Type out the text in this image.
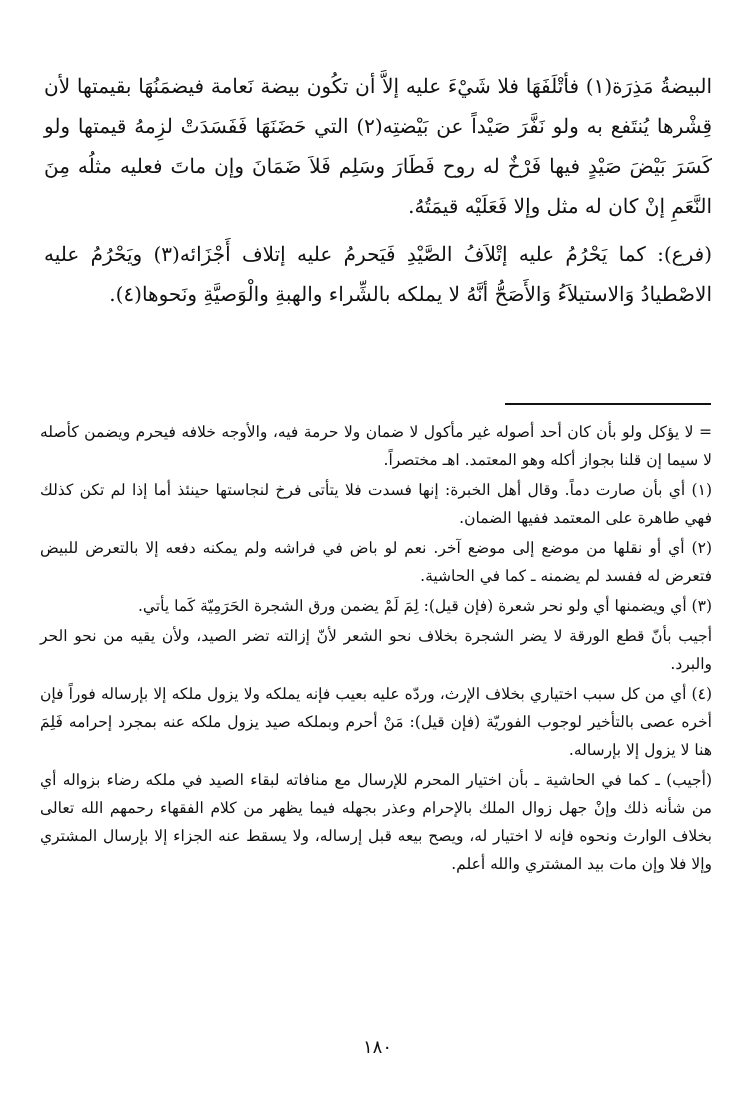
البيضةُ مَذِرَة(١) فأتْلَفَهَا فلا شَيْءَ عليه إلاَّ أن تكُون بيضة نَعامة فيضمَنُهَا بقيمتها لأن قِشْرها يُنتَفع به ولو نَفَّرَ صَيْداً عن بَيْضتِه(٢) التي حَضَنَهَا فَفَسَدَتْ لزِمهُ قيمتها ولو كَسَرَ بَيْضَ صَيْدٍ فيها فَرْخٌ له روح فَطَارَ وسَلِم فَلاَ ضَمَانَ وإن ماتَ فعليه مثلُه مِنَ النَّعَمِ إنْ كان له مثل وإلا فَعَلَيْه قيمَتُهُ.

(فرع): كما يَحْرُمُ عليه إتْلاَفُ الصَّيْدِ فَيَحرمُ عليه إتلاف أَجْزَائه(٣) ويَحْرُمُ عليه الاصْطيادُ وَالاستيلاَءُ وَالأَصَحُّ أنَّهُ لا يملكه بالشِّراء والهبةِ والْوَصيَّةِ ونَحوها(٤).

= لا يؤكل ولو بأن كان أحد أصوله غير مأكول لا ضمان ولا حرمة فيه، والأوجه خلافه فيحرم ويضمن كأصله لا سيما إن قلنا بجواز أكله وهو المعتمد. اهـ مختصراً.

(١) أي بأن صارت دماً. وقال أهل الخبرة: إنها فسدت فلا يتأتى فرخ لنجاستها حينئذ أما إذا لم تكن كذلك فهي طاهرة على المعتمد ففيها الضمان.

(٢) أي أو نقلها من موضع إلى موضع آخر. نعم لو باض في فراشه ولم يمكنه دفعه إلا بالتعرض للبيض فتعرض له ففسد لم يضمنه ـ كما في الحاشية.

(٣) أي ويضمنها أي ولو نحر شعرة (فإن قيل): لِمَ لَمْ يضمن ورق الشجرة الحَرَمِيّة كَما يأتي.

أجيب بأنّ قطع الورقة لا يضر الشجرة بخلاف نحو الشعر لأنّ إزالته تضر الصيد، ولأن يقيه من نحو الحر والبرد.

(٤) أي من كل سبب اختياري بخلاف الإرث، وردّه عليه بعيب فإنه يملكه ولا يزول ملكه إلا بإرساله فوراً فإن أخره عصى بالتأخير لوجوب الفوريّة (فإن قيل): مَنْ أحرم وبملكه صيد يزول ملكه عنه بمجرد إحرامه فَلِمَ هنا لا يزول إلا بإرساله.

(أجيب) ـ كما في الحاشية ـ بأن اختيار المحرم للإرسال مع منافاته لبقاء الصيد في ملكه رضاء بزواله أي من شأنه ذلك وإنْ جهل زوال الملك بالإحرام وعذر بجهله فيما يظهر من كلام الفقهاء رحمهم الله تعالى بخلاف الوارث ونحوه فإنه لا اختيار له، ويصح بيعه قبل إرساله، ولا يسقط عنه الجزاء إلا بإرسال المشتري وإلا فلا وإن مات بيد المشتري والله أعلم.

١٨٠
